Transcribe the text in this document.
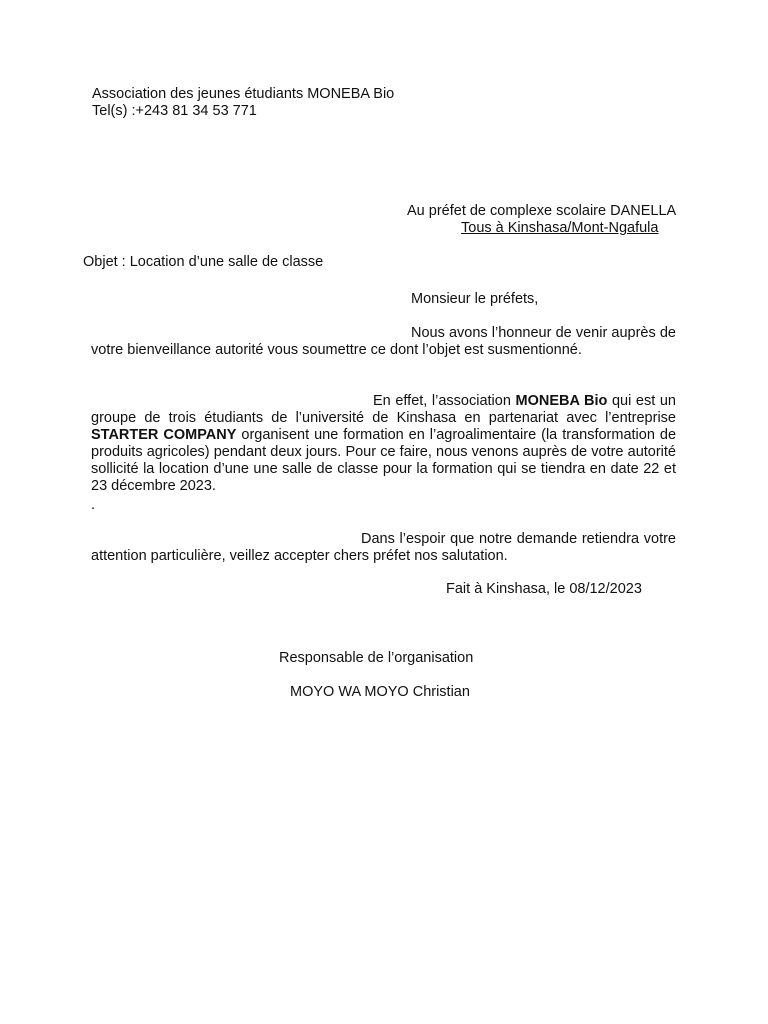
Association des jeunes étudiants MONEBA Bio
Tel(s) :+243 81 34 53 771
Au préfet de complexe scolaire DANELLA
Tous à Kinshasa/Mont-Ngafula
Objet : Location d’une salle de classe
Monsieur le préfets,

Nous avons l’honneur de venir auprès de votre bienveillance autorité vous soumettre ce dont l’objet est susmentionné.

En effet, l’association MONEBA Bio qui est un groupe de trois étudiants de l’université de Kinshasa en partenariat avec l’entreprise STARTER COMPANY organisent une formation en l’agroalimentaire (la transformation de produits agricoles) pendant deux jours. Pour ce faire, nous venons auprès de votre autorité sollicité la location d’une une salle de classe pour la formation qui se tiendra en date 22 et 23 décembre 2023.

.

Dans l’espoir que notre demande retiendra votre attention particulière, veillez accepter chers préfet nos salutation.

Fait à Kinshasa, le 08/12/2023
Responsable de l’organisation
MOYO WA MOYO Christian
